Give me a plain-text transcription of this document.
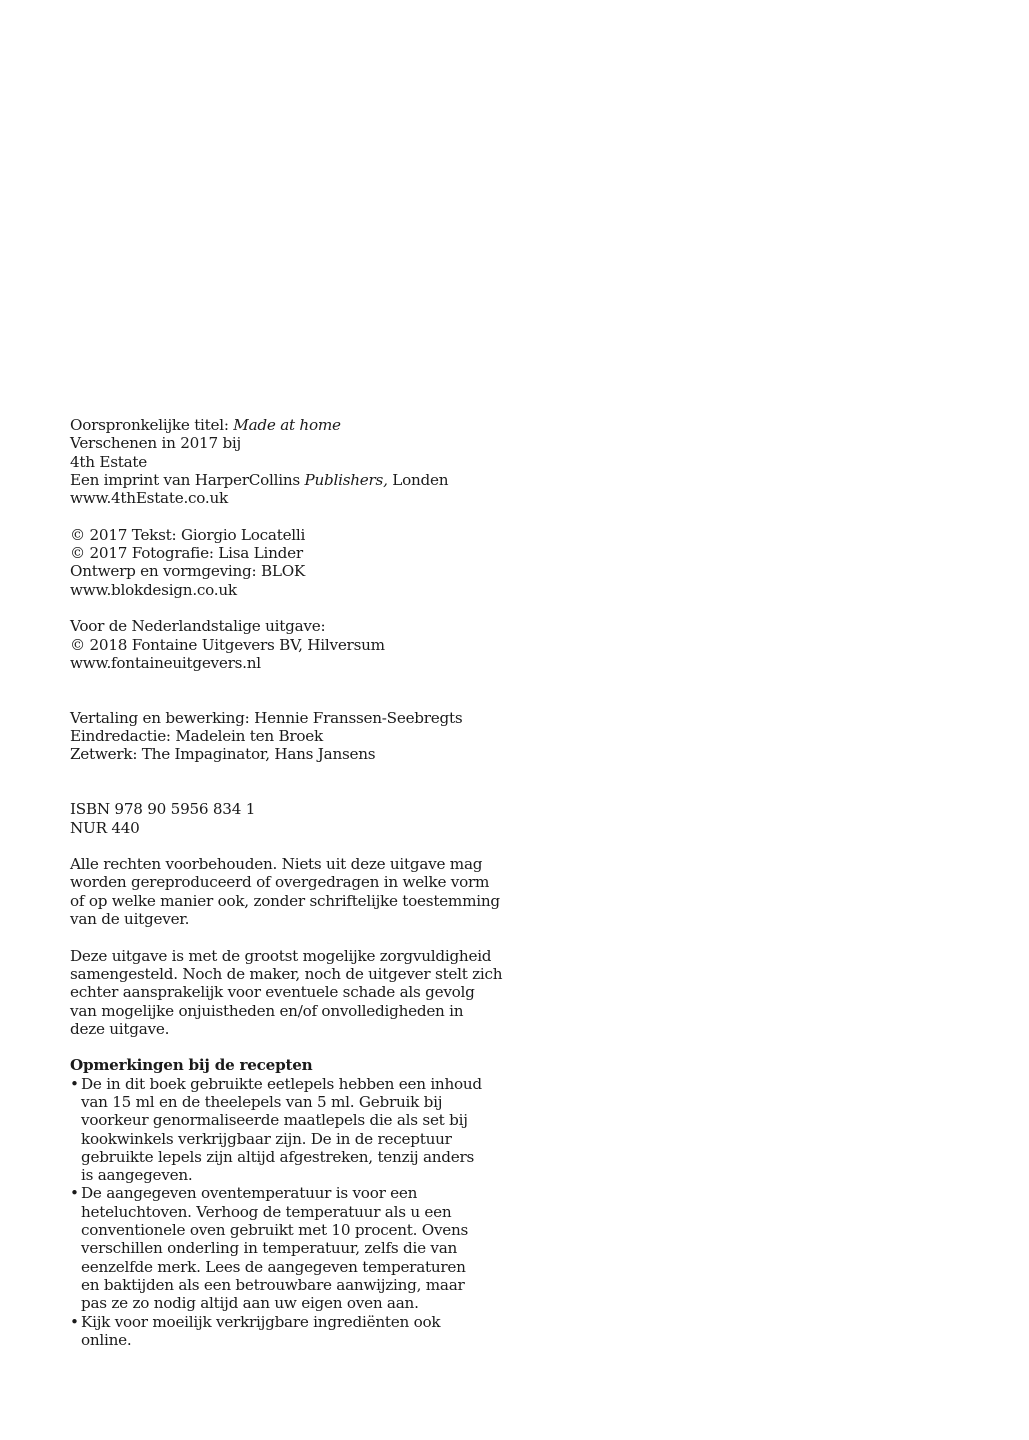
Oorspronkelijke titel: Made at home
Verschenen in 2017 bij
4th Estate
Een imprint van HarperCollins Publishers, Londen
www.4thEstate.co.uk
© 2017 Tekst: Giorgio Locatelli
© 2017 Fotografie: Lisa Linder
Ontwerp en vormgeving: BLOK
www.blokdesign.co.uk
Voor de Nederlandstalige uitgave:
© 2018 Fontaine Uitgevers BV, Hilversum
www.fontaineuitgevers.nl
Vertaling en bewerking: Hennie Franssen-Seebregts
Eindredactie: Madelein ten Broek
Zetwerk: The Impaginator, Hans Jansens
ISBN 978 90 5956 834 1
NUR 440
Alle rechten voorbehouden. Niets uit deze uitgave mag
worden gereproduceerd of overgedragen in welke vorm
of op welke manier ook, zonder schriftelijke toestemming
van de uitgever.
Deze uitgave is met de grootst mogelijke zorgvuldigheid
samengesteld. Noch de maker, noch de uitgever stelt zich
echter aansprakelijk voor eventuele schade als gevolg
van mogelijke onjuistheden en/of onvolledigheden in
deze uitgave.
Opmerkingen bij de recepten
• De in dit boek gebruikte eetlepels hebben een inhoud
van 15 ml en de theelepels van 5 ml. Gebruik bij
voorkeur genormaliseerde maatlepels die als set bij
kookwinkels verkrijgbaar zijn. De in de receptuur
gebruikte lepels zijn altijd afgestreken, tenzij anders
is aangegeven.
• De aangegeven oventemperatuur is voor een
heteluchtoven. Verhoog de temperatuur als u een
conventionele oven gebruikt met 10 procent. Ovens
verschillen onderling in temperatuur, zelfs die van
eenzelfde merk. Lees de aangegeven temperaturen
en baktijden als een betrouwbare aanwijzing, maar
pas ze zo nodig altijd aan uw eigen oven aan.
• Kijk voor moeilijk verkrijgbare ingrediënten ook
online.
